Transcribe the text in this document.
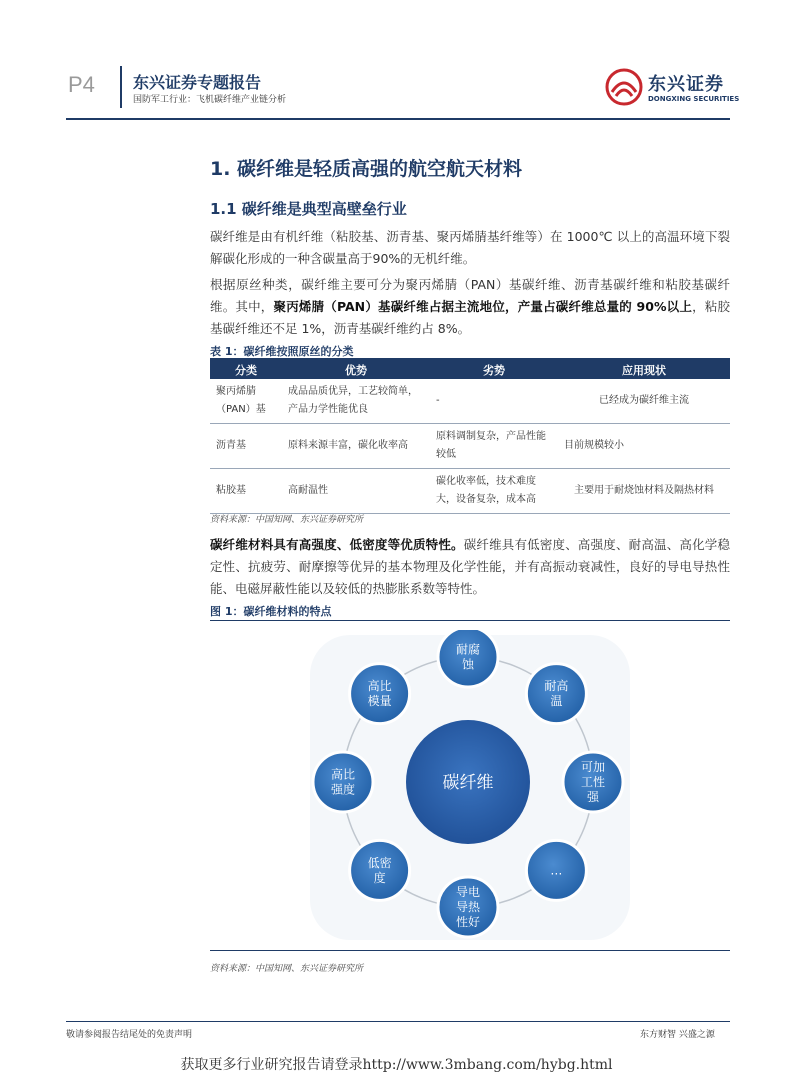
P4 东兴证券专题报告
国防军工行业：飞机碳纤维产业链分析
东兴证券
DONGXING SECURITIES
1. 碳纤维是轻质高强的航空航天材料
1.1 碳纤维是典型高壁垒行业
碳纤维是由有机纤维（粘胶基、沥青基、聚丙烯腈基纤维等）在 1000℃ 以上的高温环境下裂解碳化形成的一种含碳量高于90%的无机纤维。
根据原丝种类，碳纤维主要可分为聚丙烯腈（PAN）基碳纤维、沥青基碳纤维和粘胶基碳纤维。其中，聚丙烯腈（PAN）基碳纤维占据主流地位，产量占碳纤维总量的 90%以上，粘胶基碳纤维还不足 1%，沥青基碳纤维约占 8%。
表 1：碳纤维按照原丝的分类
分类	优势	劣势	应用现状
聚丙烯腈（PAN）基	成品品质优异，工艺较简单，产品力学性能优良	-	已经成为碳纤维主流
沥青基	原料来源丰富，碳化收率高	原料调制复杂，产品性能较低	目前规模较小
粘胶基	高耐温性	碳化收率低，技术难度大，设备复杂，成本高	主要用于耐烧蚀材料及隔热材料
资料来源：中国知网、东兴证券研究所
碳纤维材料具有高强度、低密度等优质特性。碳纤维具有低密度、高强度、耐高温、高化学稳定性、抗疲劳、耐摩擦等优异的基本物理及化学性能，并有高振动衰减性，良好的导电导热性能、电磁屏蔽性能以及较低的热膨胀系数等特性。
图 1：碳纤维材料的特点
碳纤维
耐腐蚀
耐高温
可加工性强
…
导电导热性好
低密度
高比强度
高比模量
资料来源：中国知网、东兴证券研究所
敬请参阅报告结尾处的免责声明	东方财智 兴盛之源
获取更多行业研究报告请登录http://www.3mbang.com/hybg.html
